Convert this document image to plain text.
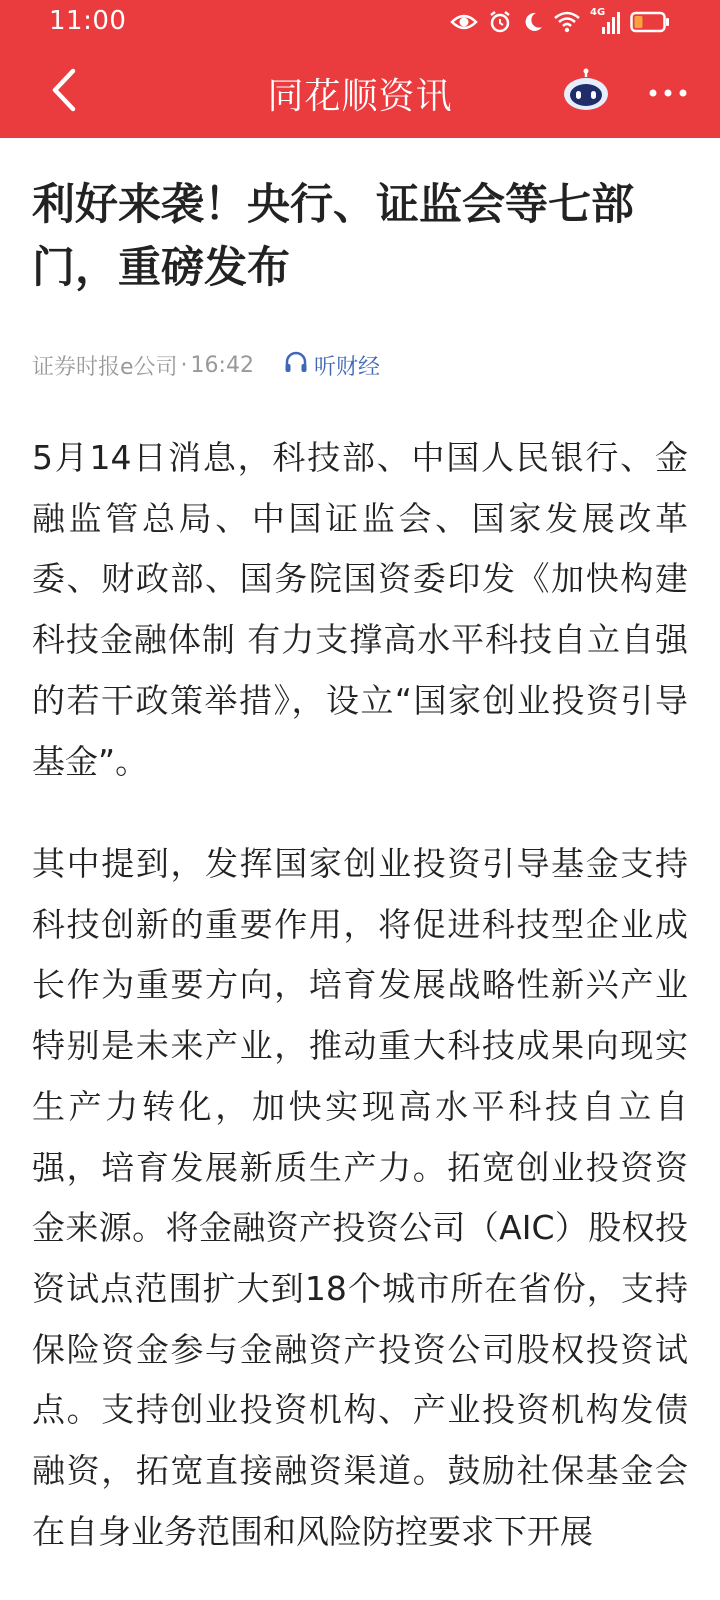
11:00	4G
同花顺资讯
利好来袭！央行、证监会等七部门，重磅发布
证券时报e公司 · 16:42	听财经

5月14日消息，科技部、中国人民银行、金融监管总局、中国证监会、国家发展改革委、财政部、国务院国资委印发《加快构建科技金融体制 有力支撑高水平科技自立自强的若干政策举措》，设立“国家创业投资引导基金”。

其中提到，发挥国家创业投资引导基金支持科技创新的重要作用，将促进科技型企业成长作为重要方向，培育发展战略性新兴产业特别是未来产业，推动重大科技成果向现实生产力转化，加快实现高水平科技自立自强，培育发展新质生产力。拓宽创业投资资金来源。将金融资产投资公司（AIC）股权投资试点范围扩大到18个城市所在省份，支持保险资金参与金融资产投资公司股权投资试点。支持创业投资机构、产业投资机构发债融资，拓宽直接融资渠道。鼓励社保基金会在自身业务范围和风险防控要求下开展
